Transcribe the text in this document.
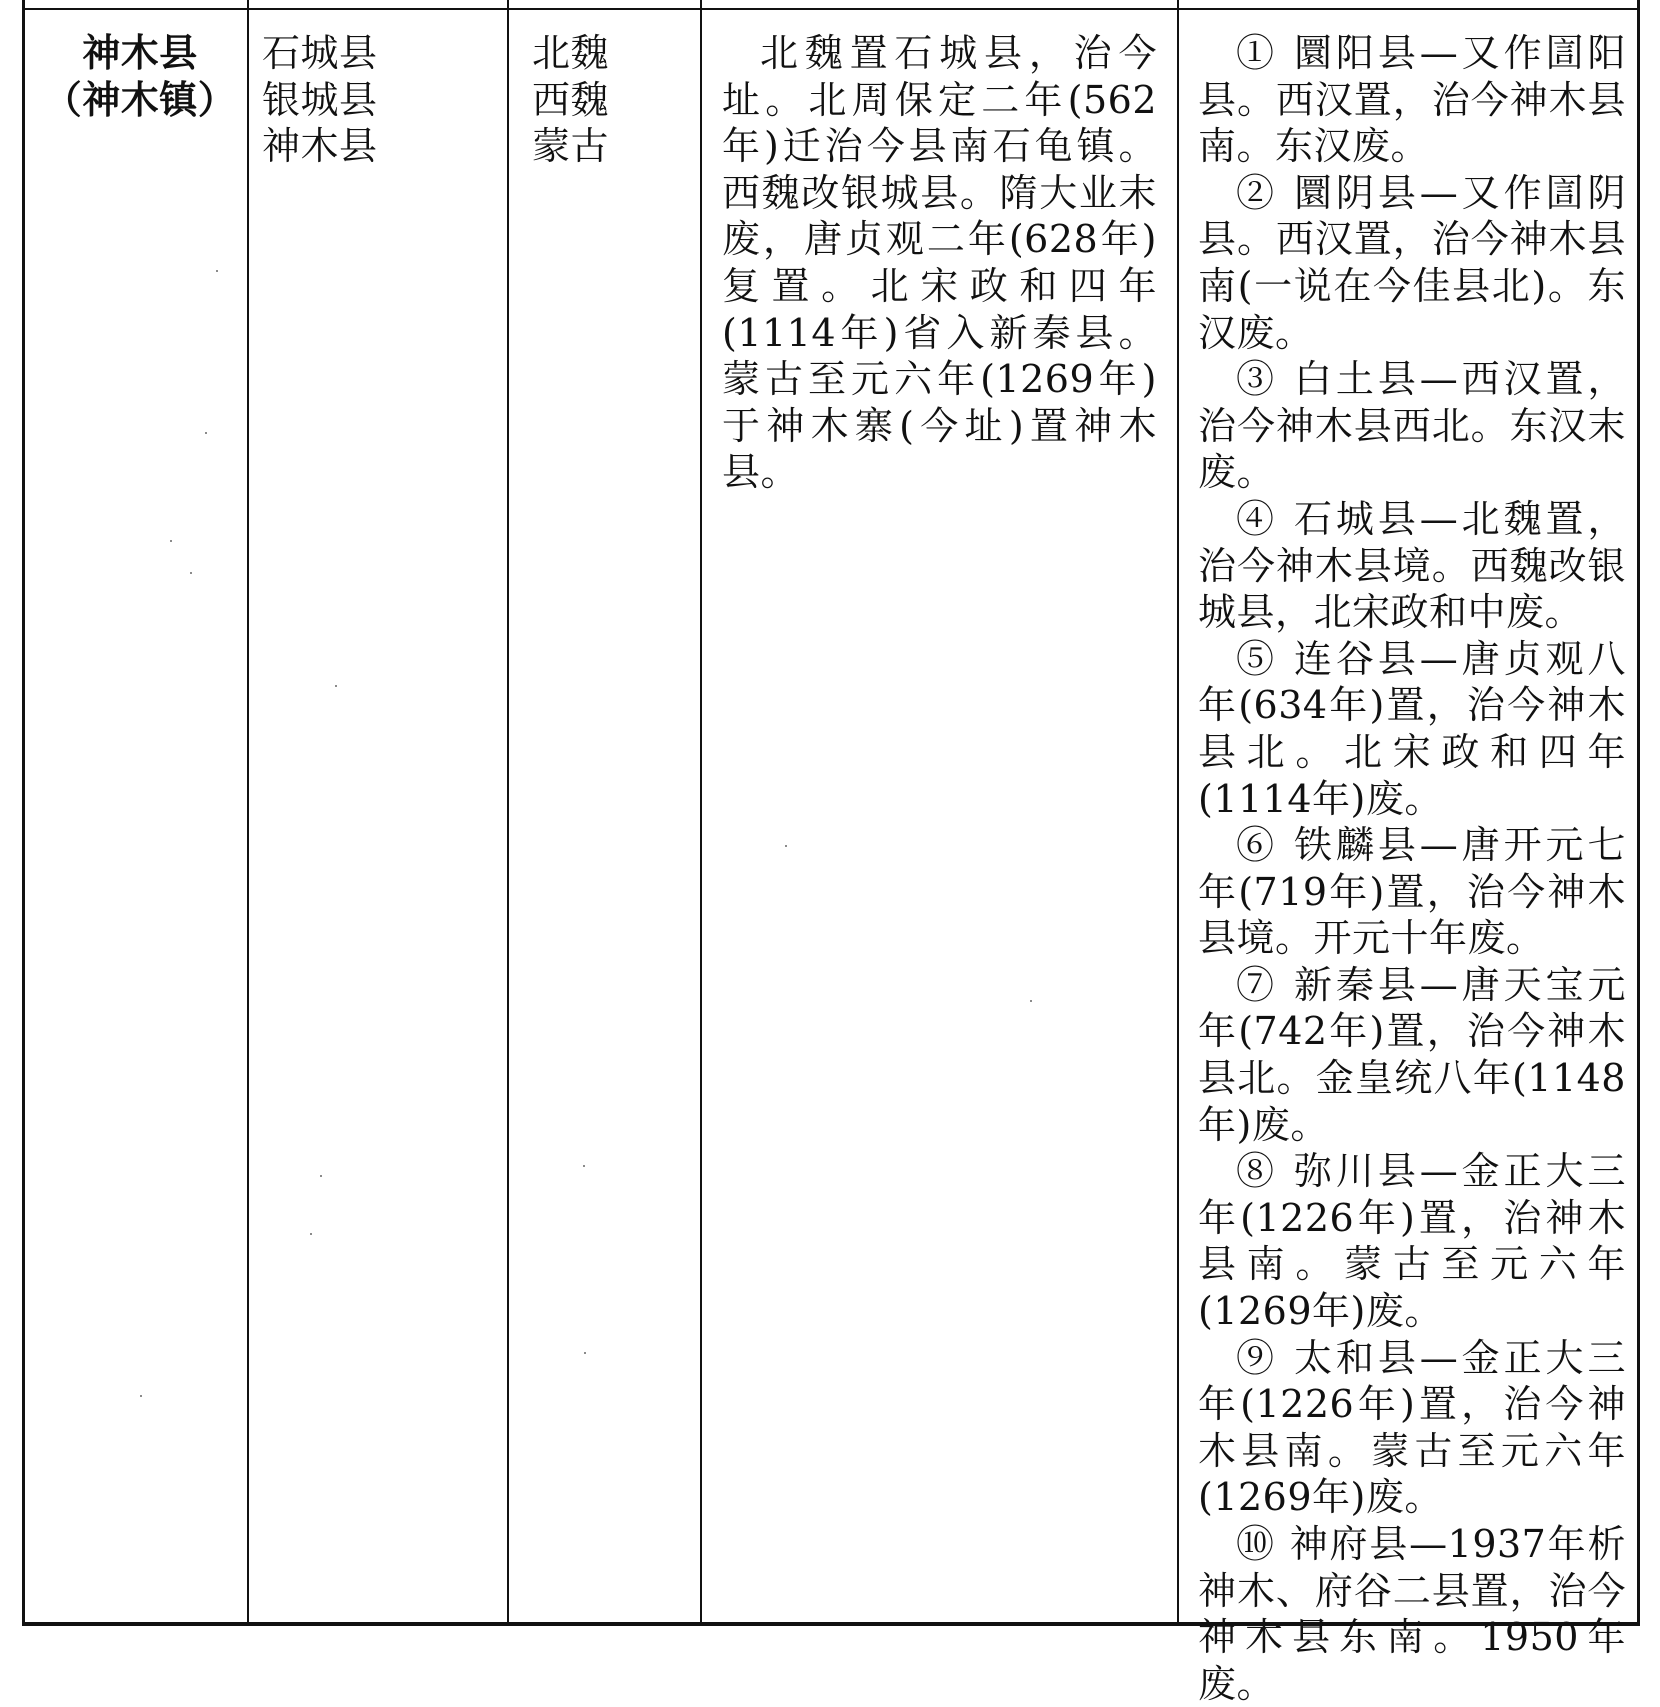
神木县
（神木镇）
石城县
银城县
神木县
北魏
西魏
蒙古
北魏置石城县，治今址。北周保定二年(562年)迁治今县南石龟镇。西魏改银城县。隋大业末废，唐贞观二年(628年)复置。北宋政和四年(1114年)省入新秦县。蒙古至元六年(1269年)于神木寨(今址)置神木县。
① 圜阳县—又作圁阳县。西汉置，治今神木县南。东汉废。
② 圜阴县—又作圁阴县。西汉置，治今神木县南(一说在今佳县北)。东汉废。
③ 白土县—西汉置，治今神木县西北。东汉末废。
④ 石城县—北魏置，治今神木县境。西魏改银城县，北宋政和中废。
⑤ 连谷县—唐贞观八年(634年)置，治今神木县北。北宋政和四年(1114年)废。
⑥ 铁麟县—唐开元七年(719年)置，治今神木县境。开元十年废。
⑦ 新秦县—唐天宝元年(742年)置，治今神木县北。金皇统八年(1148年)废。
⑧ 弥川县—金正大三年(1226年)置，治神木县南。蒙古至元六年(1269年)废。
⑨ 太和县—金正大三年(1226年)置，治今神木县南。蒙古至元六年(1269年)废。
⑩ 神府县—1937年析神木、府谷二县置，治今神木县东南。1950年废。
